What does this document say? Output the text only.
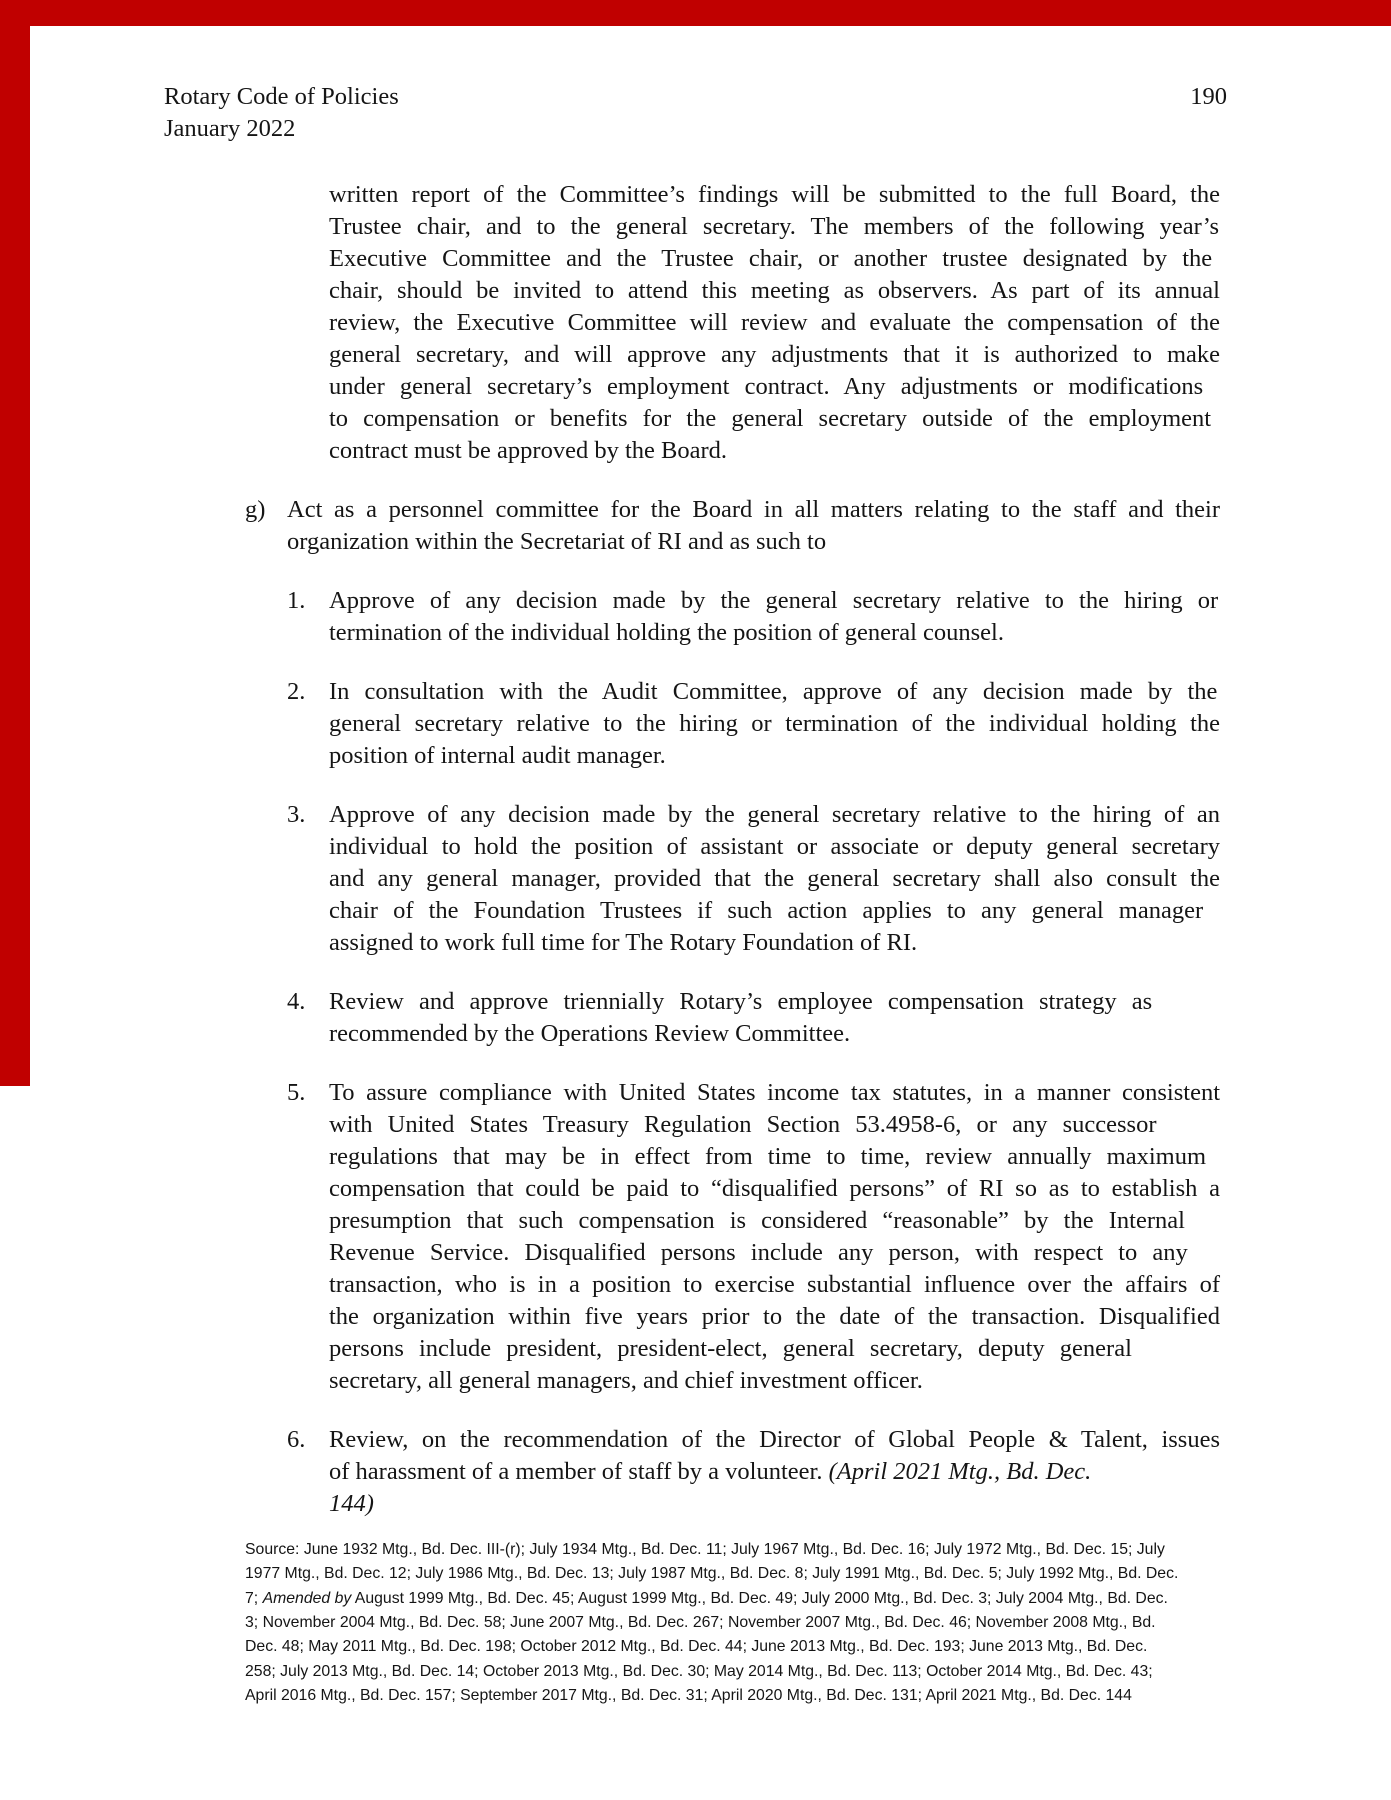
Rotary Code of Policies
January 2022
190
written report of the Committee’s findings will be submitted to the full Board, the
Trustee chair, and to the general secretary. The members of the following year’s
Executive Committee and the Trustee chair, or another trustee designated by the
chair, should be invited to attend this meeting as observers. As part of its annual
review, the Executive Committee will review and evaluate the compensation of the
general secretary, and will approve any adjustments that it is authorized to make
under general secretary’s employment contract. Any adjustments or modifications
to compensation or benefits for the general secretary outside of the employment
contract must be approved by the Board.
g) Act as a personnel committee for the Board in all matters relating to the staff and their
organization within the Secretariat of RI and as such to
1. Approve of any decision made by the general secretary relative to the hiring or
termination of the individual holding the position of general counsel.
2. In consultation with the Audit Committee, approve of any decision made by the
general secretary relative to the hiring or termination of the individual holding the
position of internal audit manager.
3. Approve of any decision made by the general secretary relative to the hiring of an
individual to hold the position of assistant or associate or deputy general secretary
and any general manager, provided that the general secretary shall also consult the
chair of the Foundation Trustees if such action applies to any general manager
assigned to work full time for The Rotary Foundation of RI.
4. Review and approve triennially Rotary’s employee compensation strategy as
recommended by the Operations Review Committee.
5. To assure compliance with United States income tax statutes, in a manner consistent
with United States Treasury Regulation Section 53.4958-6, or any successor
regulations that may be in effect from time to time, review annually maximum
compensation that could be paid to “disqualified persons” of RI so as to establish a
presumption that such compensation is considered “reasonable” by the Internal
Revenue Service. Disqualified persons include any person, with respect to any
transaction, who is in a position to exercise substantial influence over the affairs of
the organization within five years prior to the date of the transaction. Disqualified
persons include president, president-elect, general secretary, deputy general
secretary, all general managers, and chief investment officer.
6. Review, on the recommendation of the Director of Global People & Talent, issues
of harassment of a member of staff by a volunteer. (April 2021 Mtg., Bd. Dec.
144)
Source: June 1932 Mtg., Bd. Dec. III-(r); July 1934 Mtg., Bd. Dec. 11; July 1967 Mtg., Bd. Dec. 16; July 1972 Mtg., Bd. Dec. 15; July
1977 Mtg., Bd. Dec. 12; July 1986 Mtg., Bd. Dec. 13; July 1987 Mtg., Bd. Dec. 8; July 1991 Mtg., Bd. Dec. 5; July 1992 Mtg., Bd. Dec.
7; Amended by August 1999 Mtg., Bd. Dec. 45; August 1999 Mtg., Bd. Dec. 49; July 2000 Mtg., Bd. Dec. 3; July 2004 Mtg., Bd. Dec.
3; November 2004 Mtg., Bd. Dec. 58; June 2007 Mtg., Bd. Dec. 267; November 2007 Mtg., Bd. Dec. 46; November 2008 Mtg., Bd.
Dec. 48; May 2011 Mtg., Bd. Dec. 198; October 2012 Mtg., Bd. Dec. 44; June 2013 Mtg., Bd. Dec. 193; June 2013 Mtg., Bd. Dec.
258; July 2013 Mtg., Bd. Dec. 14; October 2013 Mtg., Bd. Dec. 30; May 2014 Mtg., Bd. Dec. 113; October 2014 Mtg., Bd. Dec. 43;
April 2016 Mtg., Bd. Dec. 157; September 2017 Mtg., Bd. Dec. 31; April 2020 Mtg., Bd. Dec. 131; April 2021 Mtg., Bd. Dec. 144
